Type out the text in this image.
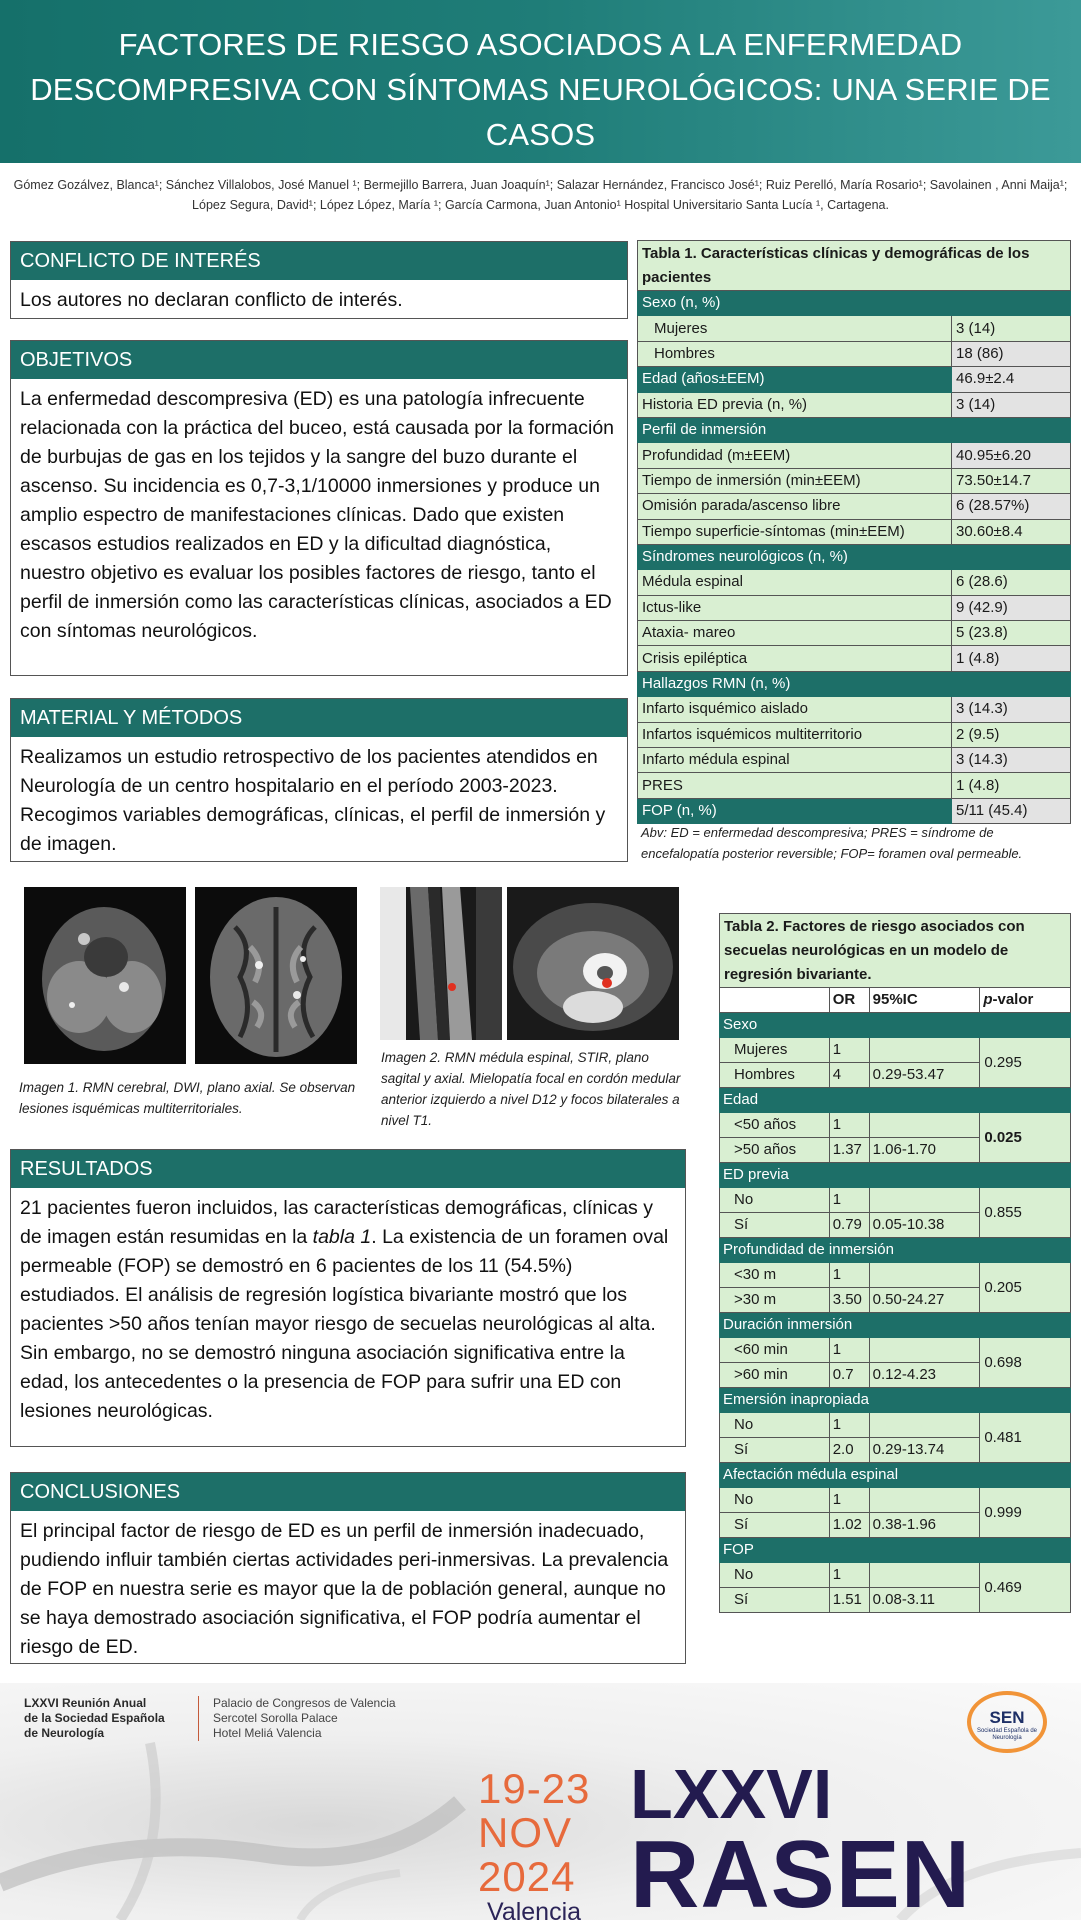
FACTORES DE RIESGO ASOCIADOS A LA ENFERMEDAD DESCOMPRESIVA CON SÍNTOMAS NEUROLÓGICOS: UNA SERIE DE CASOS
Gómez Gozálvez, Blanca¹; Sánchez Villalobos, José Manuel ¹; Bermejillo Barrera, Juan Joaquín¹; Salazar Hernández, Francisco José¹; Ruiz Perelló, María Rosario¹; Savolainen , Anni Maija¹; López Segura, David¹; López López, María ¹; García Carmona, Juan Antonio¹ Hospital Universitario Santa Lucía ¹, Cartagena.
CONFLICTO DE INTERÉS
Los autores no declaran conflicto de interés.
OBJETIVOS
La enfermedad descompresiva (ED) es una patología infrecuente relacionada con la práctica del buceo, está causada por la formación de burbujas de gas en los tejidos y la sangre del buzo durante el ascenso. Su incidencia es 0,7-3,1/10000 inmersiones y produce un amplio espectro de manifestaciones clínicas. Dado que existen escasos estudios realizados en ED y la dificultad diagnóstica, nuestro objetivo es evaluar los posibles factores de riesgo, tanto el perfil de inmersión como las características clínicas, asociados a ED con síntomas neurológicos.
MATERIAL Y MÉTODOS
Realizamos un estudio retrospectivo de los pacientes atendidos en Neurología de un centro hospitalario en el período 2003-2023. Recogimos variables demográficas, clínicas, el perfil de inmersión y de imagen.
Tabla 1. Características clínicas y demográficas de los pacientes	
Sexo (n, %)	
Mujeres	3 (14)
Hombres	18 (86)
Edad (años±EEM)	46.9±2.4
Historia ED previa (n, %)	3 (14)
Perfil de inmersión	
Profundidad (m±EEM)	40.95±6.20
Tiempo de inmersión (min±EEM)	73.50±14.7
Omisión parada/ascenso libre	6 (28.57%)
Tiempo superficie-síntomas (min±EEM)	30.60±8.4
Síndromes neurológicos (n, %)	
Médula espinal	6 (28.6)
Ictus-like	9 (42.9)
Ataxia- mareo	5 (23.8)
Crisis epiléptica	1 (4.8)
Hallazgos RMN (n, %)	
Infarto isquémico aislado	3 (14.3)
Infartos isquémicos multiterritorio	2 (9.5)
Infarto médula espinal	3 (14.3)
PRES	1 (4.8)
FOP (n, %)	5/11 (45.4)
Abv: ED = enfermedad descompresiva; PRES = síndrome de encefalopatía posterior reversible; FOP= foramen oval permeable.
Imagen 1. RMN cerebral, DWI, plano axial. Se observan lesiones isquémicas multiterritoriales.
Imagen 2. RMN médula espinal, STIR, plano sagital y axial. Mielopatía focal en cordón medular anterior izquierdo a nivel D12 y focos bilaterales a nivel T1.
Tabla 2. Factores de riesgo asociados con secuelas neurológicas en un modelo de regresión bivariante.			
	OR	95%IC	p-valor
Sexo			
Mujeres	1		0.295
Hombres	4	0.29-53.47	
Edad			
<50 años	1		0.025
>50 años	1.37	1.06-1.70	
ED previa			
No	1		0.855
Sí	0.79	0.05-10.38	
Profundidad de inmersión			
<30 m	1		0.205
>30 m	3.50	0.50-24.27	
Duración inmersión			
<60 min	1		0.698
>60 min	0.7	0.12-4.23	
Emersión inapropiada			
No	1		0.481
Sí	2.0	0.29-13.74	
Afectación médula espinal			
No	1		0.999
Sí	1.02	0.38-1.96	
FOP			
No	1		0.469
Sí	1.51	0.08-3.11	
RESULTADOS
21 pacientes fueron incluidos, las características demográficas, clínicas y de imagen están resumidas en la tabla 1. La existencia de un foramen oval permeable (FOP) se demostró en 6 pacientes de los 11 (54.5%) estudiados. El análisis de regresión logística bivariante mostró que los pacientes >50 años tenían mayor riesgo de secuelas neurológicas al alta. Sin embargo, no se demostró ninguna asociación significativa entre la edad, los antecedentes o la presencia de FOP para sufrir una ED con lesiones neurológicas.
CONCLUSIONES
El principal factor de riesgo de ED es un perfil de inmersión inadecuado, pudiendo influir también ciertas actividades peri-inmersivas. La prevalencia de FOP en nuestra serie es mayor que la de población general, aunque no se haya demostrado asociación significativa, el FOP podría aumentar el riesgo de ED.
LXXVI Reunión Anual
de la Sociedad Española
de Neurología
Palacio de Congresos de Valencia
Sercotel Sorolla Palace
Hotel Meliá Valencia
19-23
NOV
2024
Valencia
LXXVI
RASEN
SEN
Sociedad Española de Neurología
